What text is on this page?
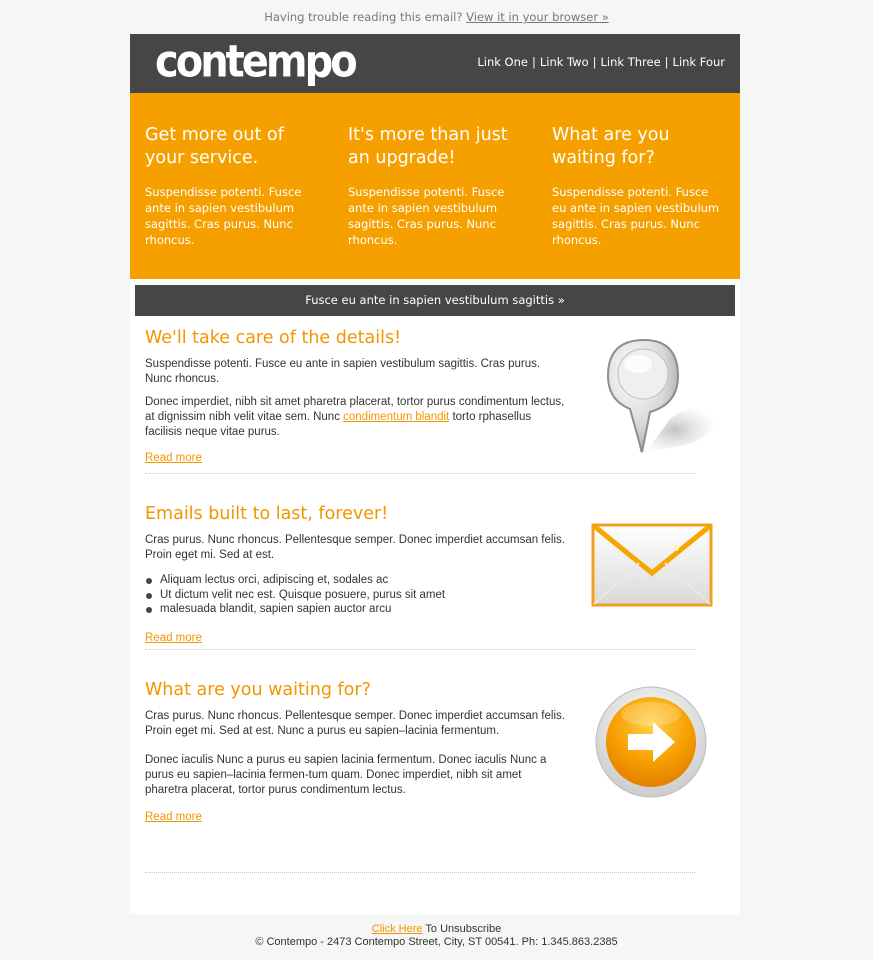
Having trouble reading this email? View it in your browser »
contempo	Link One | Link Two | Link Three | Link Four
Get more out of your service.

Suspendisse potenti. Fusce ante in sapien vestibulum sagittis. Cras purus. Nunc rhoncus.

It's more than just an upgrade!

Suspendisse potenti. Fusce ante in sapien vestibulum sagittis. Cras purus. Nunc rhoncus.

What are you waiting for?

Suspendisse potenti. Fusce eu ante in sapien vestibulum sagittis. Cras purus. Nunc rhoncus.

Fusce eu ante in sapien vestibulum sagittis »
We'll take care of the details!

Suspendisse potenti. Fusce eu ante in sapien vestibulum sagittis. Cras purus. Nunc rhoncus.

Donec imperdiet, nibh sit amet pharetra placerat, tortor purus condimentum lectus, at dignissim nibh velit vitae sem. Nunc condimentum blandit torto rphasellus facilisis neque vitae purus.

Read more
Emails built to last, forever!

Cras purus. Nunc rhoncus. Pellentesque semper. Donec imperdiet accumsan felis. Proin eget mi. Sed at est.

Aliquam lectus orci, adipiscing et, sodales ac
Ut dictum velit nec est. Quisque posuere, purus sit amet
malesuada blandit, sapien sapien auctor arcu
Read more
What are you waiting for?

Cras purus. Nunc rhoncus. Pellentesque semper. Donec imperdiet accumsan felis. Proin eget mi. Sed at est. Nunc a purus eu sapien–lacinia fermentum.

Donec iaculis Nunc a purus eu sapien lacinia fermentum. Donec iaculis Nunc a purus eu sapien–lacinia fermen-tum quam. Donec imperdiet, nibh sit amet pharetra placerat, tortor purus condimentum lectus.

Read more
Click Here To Unsubscribe
© Contempo - 2473 Contempo Street, City, ST 00541. Ph: 1.345.863.2385
